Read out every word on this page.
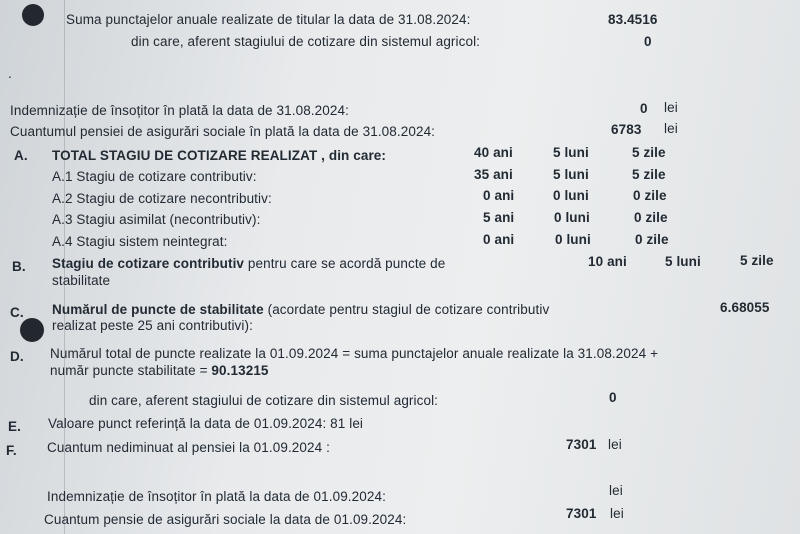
Suma punctajelor anuale realizate de titular la data de 31.08.2024:	83.4516
din care, aferent stagiului de cotizare din sistemul agricol:	0
.
Indemnizație de însoțitor în plată la data de 31.08.2024:	0 lei
Cuantumul pensiei de asigurări sociale în plată la data de 31.08.2024:	6783 lei
A. TOTAL STAGIU DE COTIZARE REALIZAT , din care:	40 ani	5 luni	5 zile
A.1 Stagiu de cotizare contributiv:	35 ani	5 luni	5 zile
A.2 Stagiu de cotizare necontributiv:	0 ani	0 luni	0 zile
A.3 Stagiu asimilat (necontributiv):	5 ani	0 luni	0 zile
A.4 Stagiu sistem neintegrat:	0 ani	0 luni	0 zile
B. Stagiu de cotizare contributiv pentru care se acordă puncte de
stabilitate
10 ani	5 luni	5 zile
C. Numărul de puncte de stabilitate (acordate pentru stagiul de cotizare contributiv
realizat peste 25 ani contributivi):
6.68055
D. Numărul total de puncte realizate la 01.09.2024 = suma punctajelor anuale realizate la 31.08.2024 +
număr puncte stabilitate = 90.13215
din care, aferent stagiului de cotizare din sistemul agricol:	0
E. Valoare punct referință la data de 01.09.2024: 81 lei
F. Cuantum nediminuat al pensiei la 01.09.2024 :	7301 lei
Indemnizație de însoțitor în plată la data de 01.09.2024:	lei
Cuantum pensie de asigurări sociale la data de 01.09.2024:	7301 lei
